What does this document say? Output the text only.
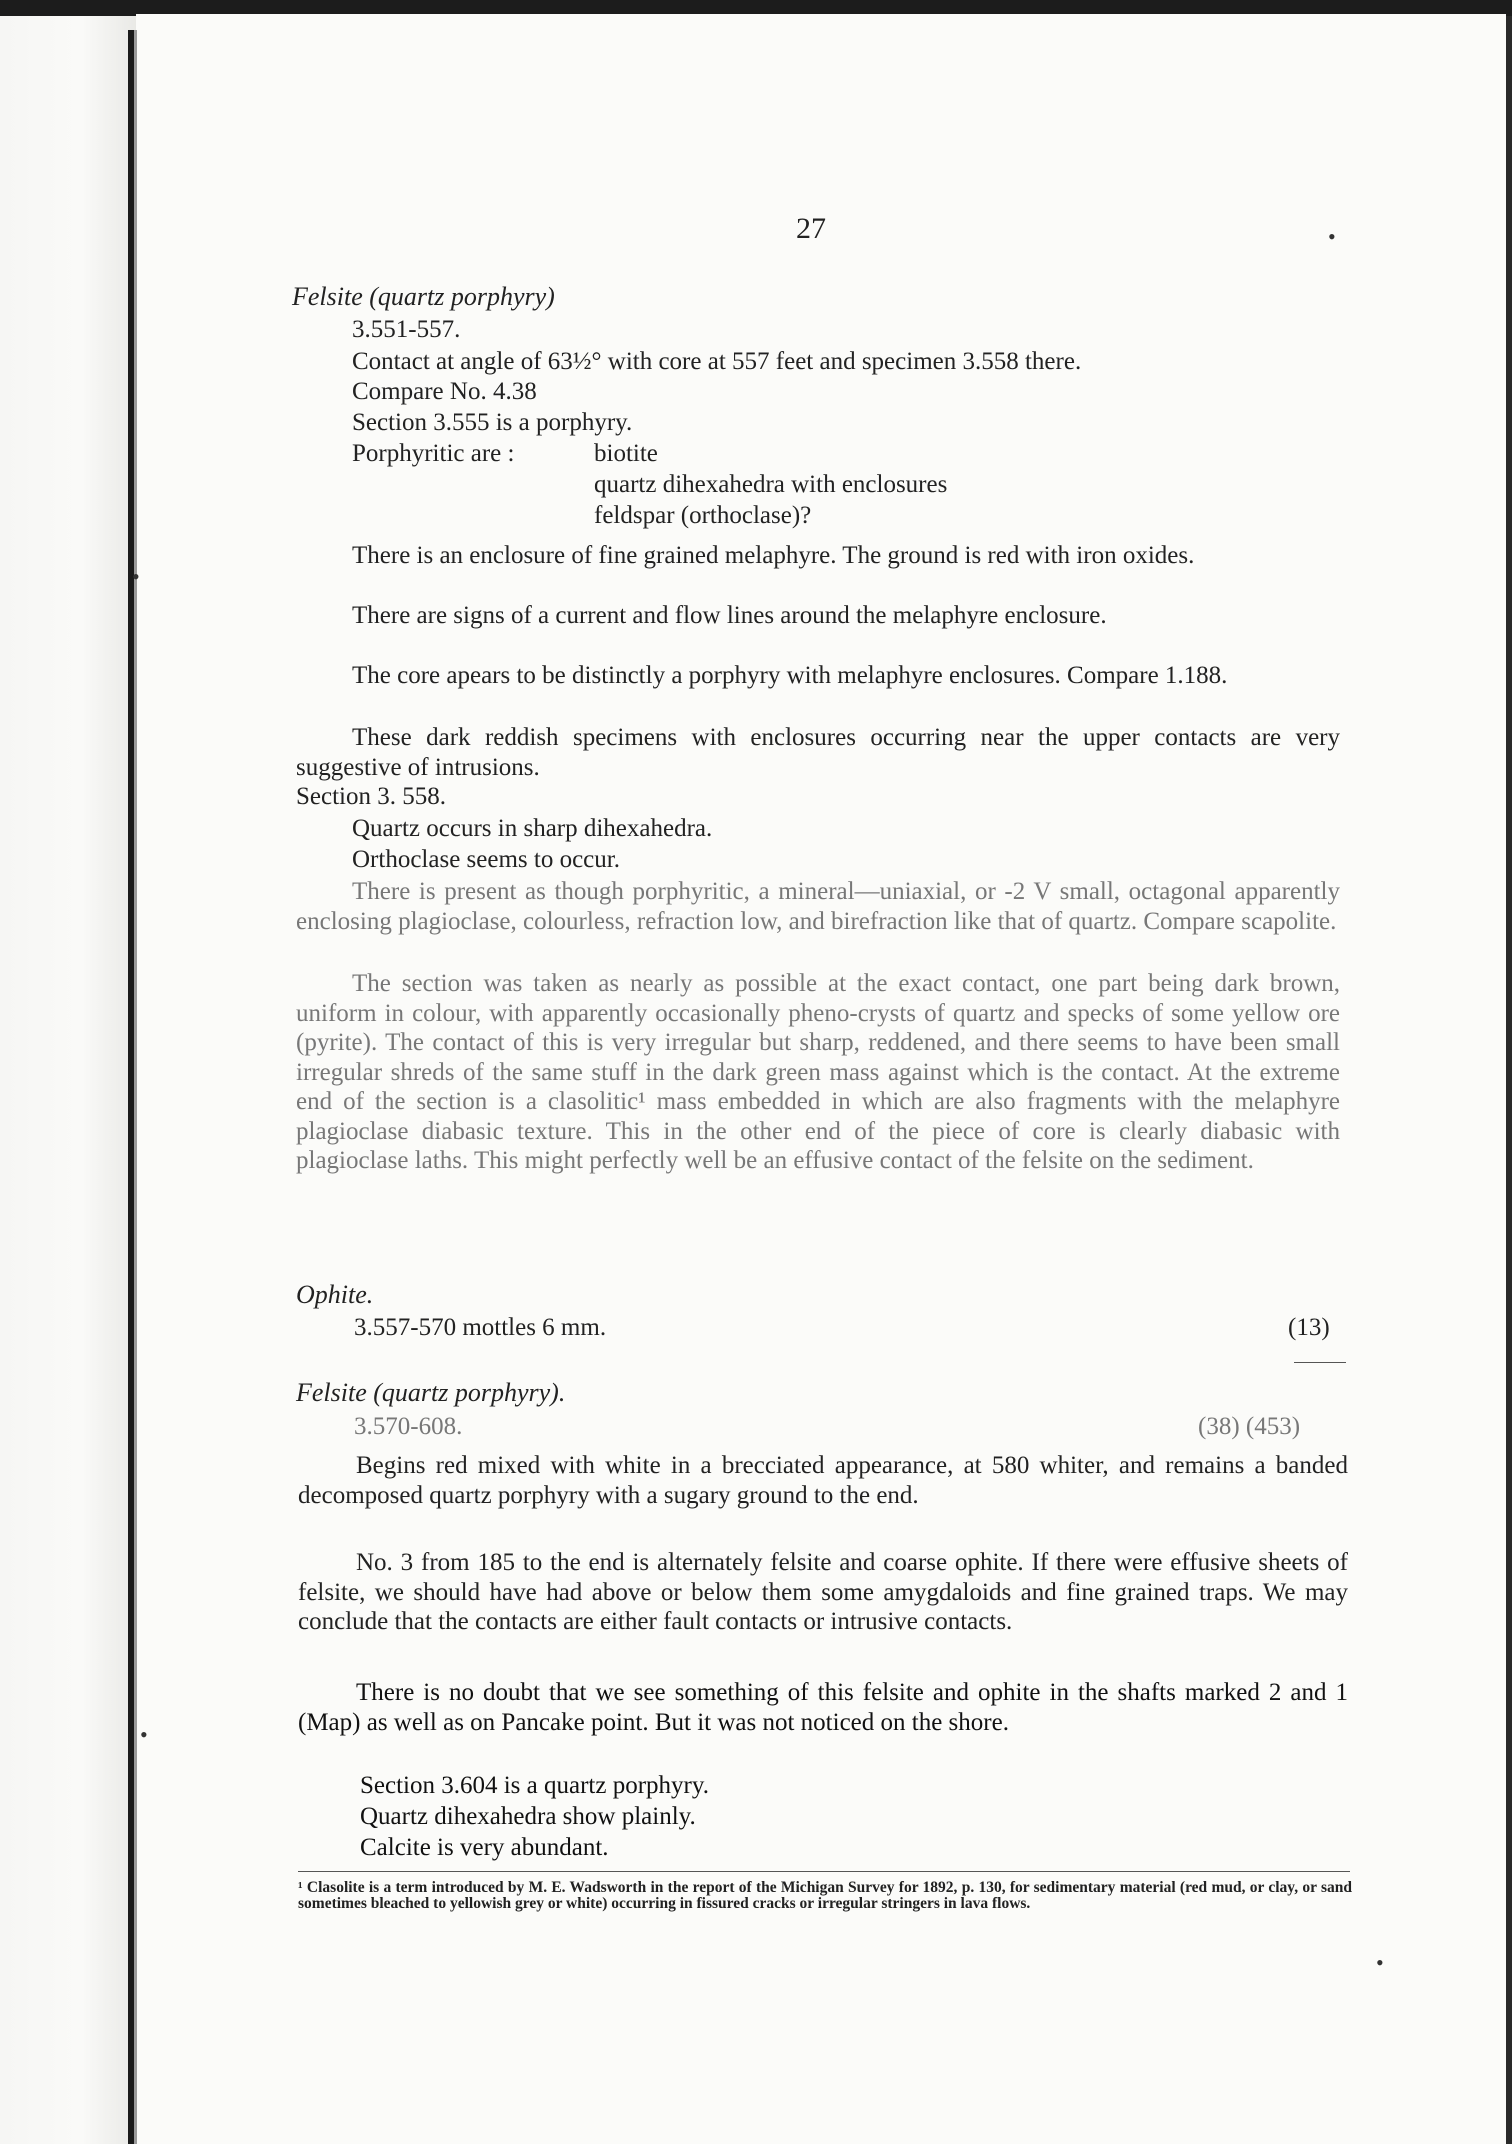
•
•
•
•
27
Felsite (quartz porphyry)
3.551-557.
Contact at angle of 63½° with core at 557 feet and specimen 3.558 there.
Compare No. 4.38
Section 3.555 is a porphyry.
Porphyritic are :	biotite
quartz dihexahedra with enclosures
feldspar (orthoclase)?
There is an enclosure of fine grained melaphyre. The ground is red with iron oxides.
There are signs of a current and flow lines around the melaphyre enclosure.
The core apears to be distinctly a porphyry with melaphyre enclosures. Compare 1.188.
These dark reddish specimens with enclosures occurring near the upper contacts are very suggestive of intrusions.
Section 3. 558.
Quartz occurs in sharp dihexahedra.
Orthoclase seems to occur.
There is present as though porphyritic, a mineral—uniaxial, or -2 V small, octagonal apparently enclosing plagioclase, colourless, refraction low, and birefraction like that of quartz. Compare scapolite.
The section was taken as nearly as possible at the exact contact, one part being dark brown, uniform in colour, with apparently occasionally pheno-crysts of quartz and specks of some yellow ore (pyrite). The contact of this is very irregular but sharp, reddened, and there seems to have been small irregular shreds of the same stuff in the dark green mass against which is the contact. At the extreme end of the section is a clasolitic¹ mass embedded in which are also fragments with the melaphyre plagioclase diabasic texture. This in the other end of the piece of core is clearly diabasic with plagioclase laths. This might perfectly well be an effusive contact of the felsite on the sediment.
Ophite.
3.557-570 mottles 6 mm.	(13)
Felsite (quartz porphyry).
3.570-608.	(38) (453)
Begins red mixed with white in a brecciated appearance, at 580 whiter, and remains a banded decomposed quartz porphyry with a sugary ground to the end.
No. 3 from 185 to the end is alternately felsite and coarse ophite. If there were effusive sheets of felsite, we should have had above or below them some amygdaloids and fine grained traps. We may conclude that the contacts are either fault contacts or intrusive contacts.
There is no doubt that we see something of this felsite and ophite in the shafts marked 2 and 1 (Map) as well as on Pancake point. But it was not noticed on the shore.
Section 3.604 is a quartz porphyry.
Quartz dihexahedra show plainly.
Calcite is very abundant.
¹ Clasolite is a term introduced by M. E. Wadsworth in the report of the Michigan Survey for 1892, p. 130, for sedimentary material (red mud, or clay, or sand sometimes bleached to yellowish grey or white) occurring in fissured cracks or irregular stringers in lava flows.
